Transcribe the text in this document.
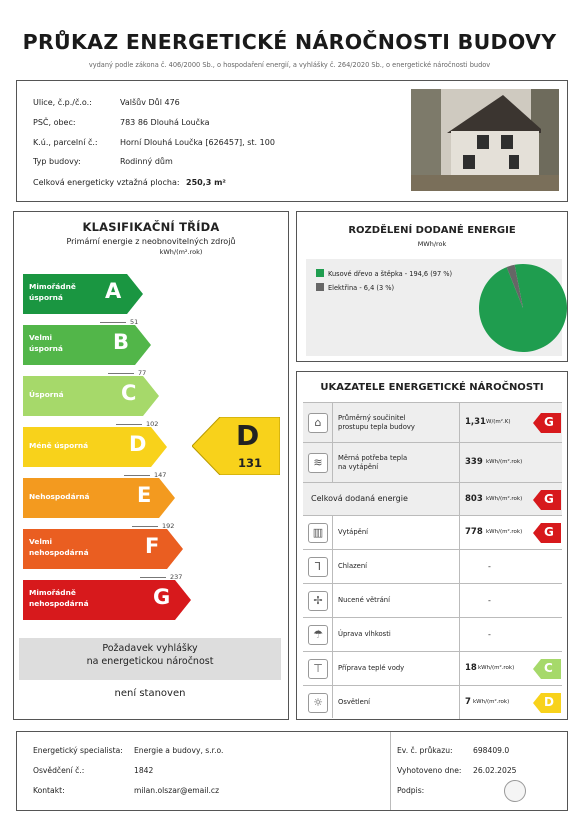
PRŮKAZ ENERGETICKÉ NÁROČNOSTI BUDOVY
vydaný podle zákona č. 406/2000 Sb., o hospodaření energií, a vyhlášky č. 264/2020 Sb., o energetické náročnosti budov
Ulice, č.p./č.o.:	Valšův Důl 476
PSČ, obec:	783 86 Dlouhá Loučka
K.ú., parcelní č.:	Horní Dlouhá Loučka [626457], st. 100
Typ budovy:	Rodinný dům
Celková energeticky vztažná plocha: 250,3 m²
KLASIFIKAČNÍ TŘÍDA
Primární energie z neobnovitelných zdrojů
kWh/(m².rok)
Mimořádně
úsporná	A
Velmi
úsporná B
Úsporná	C
Méně úsporná D
Nehospodárná E
Velmi
nehospodárná	F
Mimořádně
nehospodárná	G
51
77
102
147
192
237
D
131
Požadavek vyhlášky
na energetickou náročnost
není stanoven
ROZDĚLENÍ DODANÉ ENERGIE
MWh/rok
Kusové dřevo a štěpka - 194,6 (97 %)
Elektřina - 6,4 (3 %)
UKAZATELE ENERGETICKÉ NÁROČNOSTI
⌂	Průměrný součinitel
prostupu tepla budovy	1,31 W/(m².K)	G
≋	Měrná potřeba tepla
na vytápění	339 kWh/(m².rok)
Celková dodaná energie	803 kWh/(m².rok) G
▥	Vytápění	778 kWh/(m².rok) G
Ꞁ	Chlazení	-
✢	Nucené větrání	-
☂	Úprava vlhkosti	-
⊤	Příprava teplé vody	18 kWh/(m².rok) C
☼	Osvětlení	7 kWh/(m².rok)	D
Energetický specialista: Energie a budovy, s.r.o.
Osvědčení č.:	1842
Kontakt:	milan.olszar@email.cz
Ev. č. průkazu:	698409.0
Vyhotoveno dne: 26.02.2025
Podpis:
